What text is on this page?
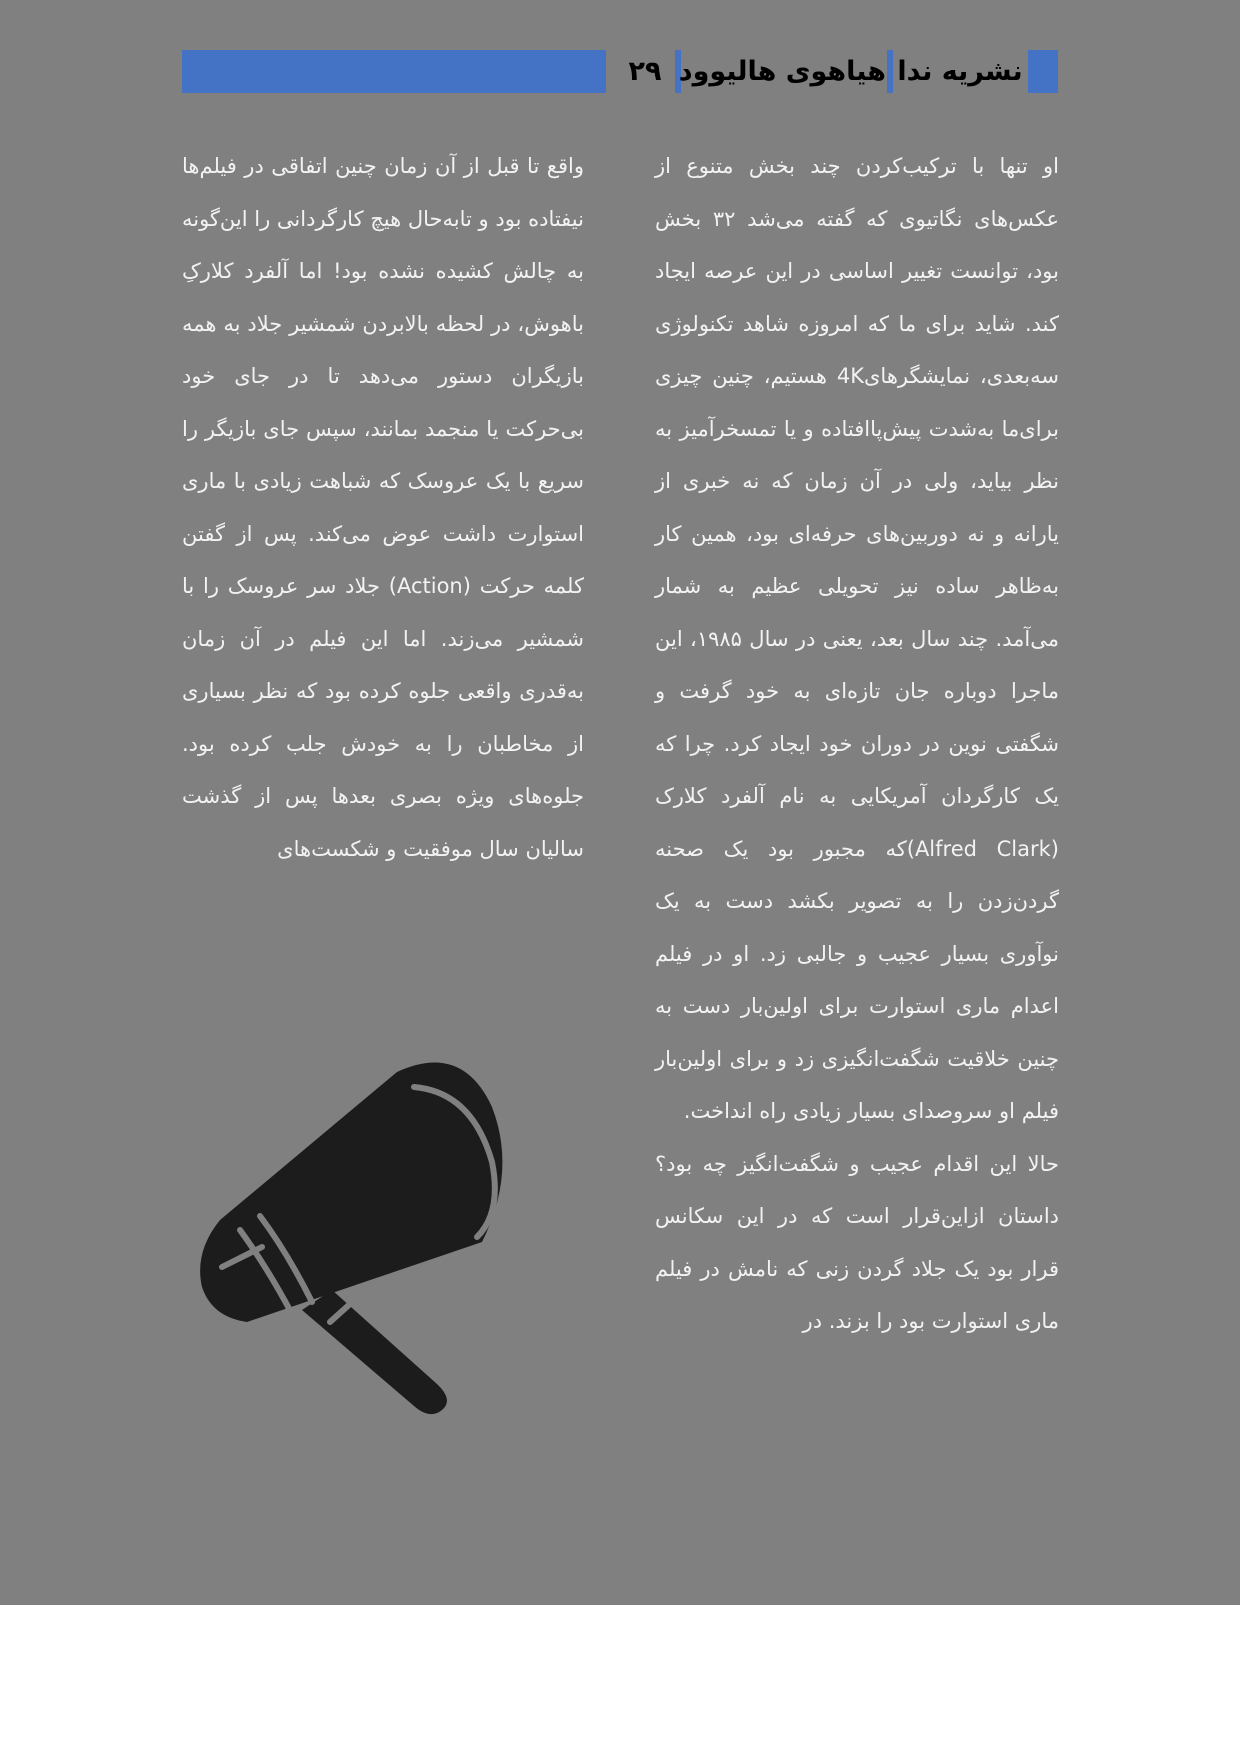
۲۹ هیاهوی هالیوود نشریه ندا

او تنها با ترکیب‌کردن چند بخش متنوع از عکس‌های نگاتیوی که گفته می‌شد ۳۲ بخش بود، توانست تغییر اساسی در این عرصه ایجاد کند. شاید برای ما که امروزه شاهد تکنولوژی سه‌بعدی، نمایشگرهای4K هستیم، چنین چیزی برای‌ما به‌شدت پیش‌پاافتاده و یا تمسخرآمیز به نظر بیاید، ولی در آن زمان که نه خبری از یارانه و نه دوربین‌های حرفه‌ای بود، همین کار به‌ظاهر ساده نیز تحویلی عظیم به شمار می‌آمد. چند سال بعد، یعنی در سال ۱۹۸۵، این ماجرا دوباره جان تازه‌ای به خود گرفت و شگفتی نوین در دوران خود ایجاد کرد. چرا که یک کارگردان آمریکایی به نام آلفرد کلارک (Alfred Clark)که مجبور بود یک صحنه گردن‌زدن را به تصویر بکشد دست به یک نوآوری بسیار عجیب و جالبی زد. او در فیلم اعدام ماری استوارت برای اولین‌بار دست به چنین خلاقیت شگفت‌انگیزی زد و برای اولین‌بار فیلم او سروصدای بسیار زیادی راه انداخت.

حالا این اقدام عجیب و شگفت‌انگیز چه بود؟ داستان ازاین‌قرار است که در این سکانس قرار بود یک جلاد گردن زنی که نامش در فیلم ماری استوارت بود را بزند. در

واقع تا قبل از آن زمان چنین اتفاقی در فیلم‌ها نیفتاده بود و تابه‌حال هیچ کارگردانی را این‌گونه به چالش کشیده نشده بود! اما آلفرد کلارکِ باهوش، در لحظه بالابردن شمشیر جلاد به همه بازیگران دستور می‌دهد تا در جای خود بی‌حرکت یا منجمد بمانند، سپس جای بازیگر را سریع با یک عروسک که شباهت زیادی با ماری استوارت داشت عوض می‌کند. پس از گفتن کلمه حرکت (Action) جلاد سر عروسک را با شمشیر می‌زند. اما این فیلم در آن زمان به‌قدری واقعی جلوه کرده بود که نظر بسیاری از مخاطبان را به خودش جلب کرده بود. جلوه‌های ویژه بصری بعدها پس از گذشت سالیان سال موفقیت و شکست‌های
